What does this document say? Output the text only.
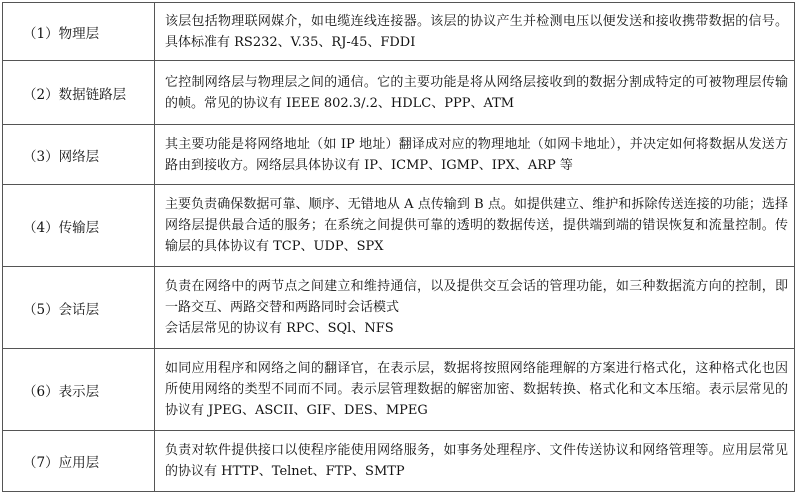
（1）物理层	该层包括物理联网媒介，如电缆连线连接器。该层的协议产生并检测电压以便发送和接收携带数据的信号。具体标准有 RS232、V.35、RJ-45、FDDI

（2）数据链路层	它控制网络层与物理层之间的通信。它的主要功能是将从网络层接收到的数据分割成特定的可被物理层传输的帧。常见的协议有 IEEE 802.3/.2、HDLC、PPP、ATM

（3）网络层	其主要功能是将网络地址（如 IP 地址）翻译成对应的物理地址（如网卡地址），并决定如何将数据从发送方路由到接收方。网络层具体协议有 IP、ICMP、IGMP、IPX、ARP 等

（4）传输层	主要负责确保数据可靠、顺序、无错地从 A 点传输到 B 点。如提供建立、维护和拆除传送连接的功能；选择网络层提供最合适的服务；在系统之间提供可靠的透明的数据传送，提供端到端的错误恢复和流量控制。传输层的具体协议有 TCP、UDP、SPX

（5）会话层	负责在网络中的两节点之间建立和维持通信，以及提供交互会话的管理功能，如三种数据流方向的控制，即一路交互、两路交替和两路同时会话模式
会话层常见的协议有 RPC、SQl、NFS

（6）表示层	如同应用程序和网络之间的翻译官，在表示层，数据将按照网络能理解的方案进行格式化，这种格式化也因所使用网络的类型不同而不同。表示层管理数据的解密加密、数据转换、格式化和文本压缩。表示层常见的协议有 JPEG、ASCII、GIF、DES、MPEG

（7）应用层	负责对软件提供接口以使程序能使用网络服务，如事务处理程序、文件传送协议和网络管理等。应用层常见的协议有 HTTP、Telnet、FTP、SMTP
